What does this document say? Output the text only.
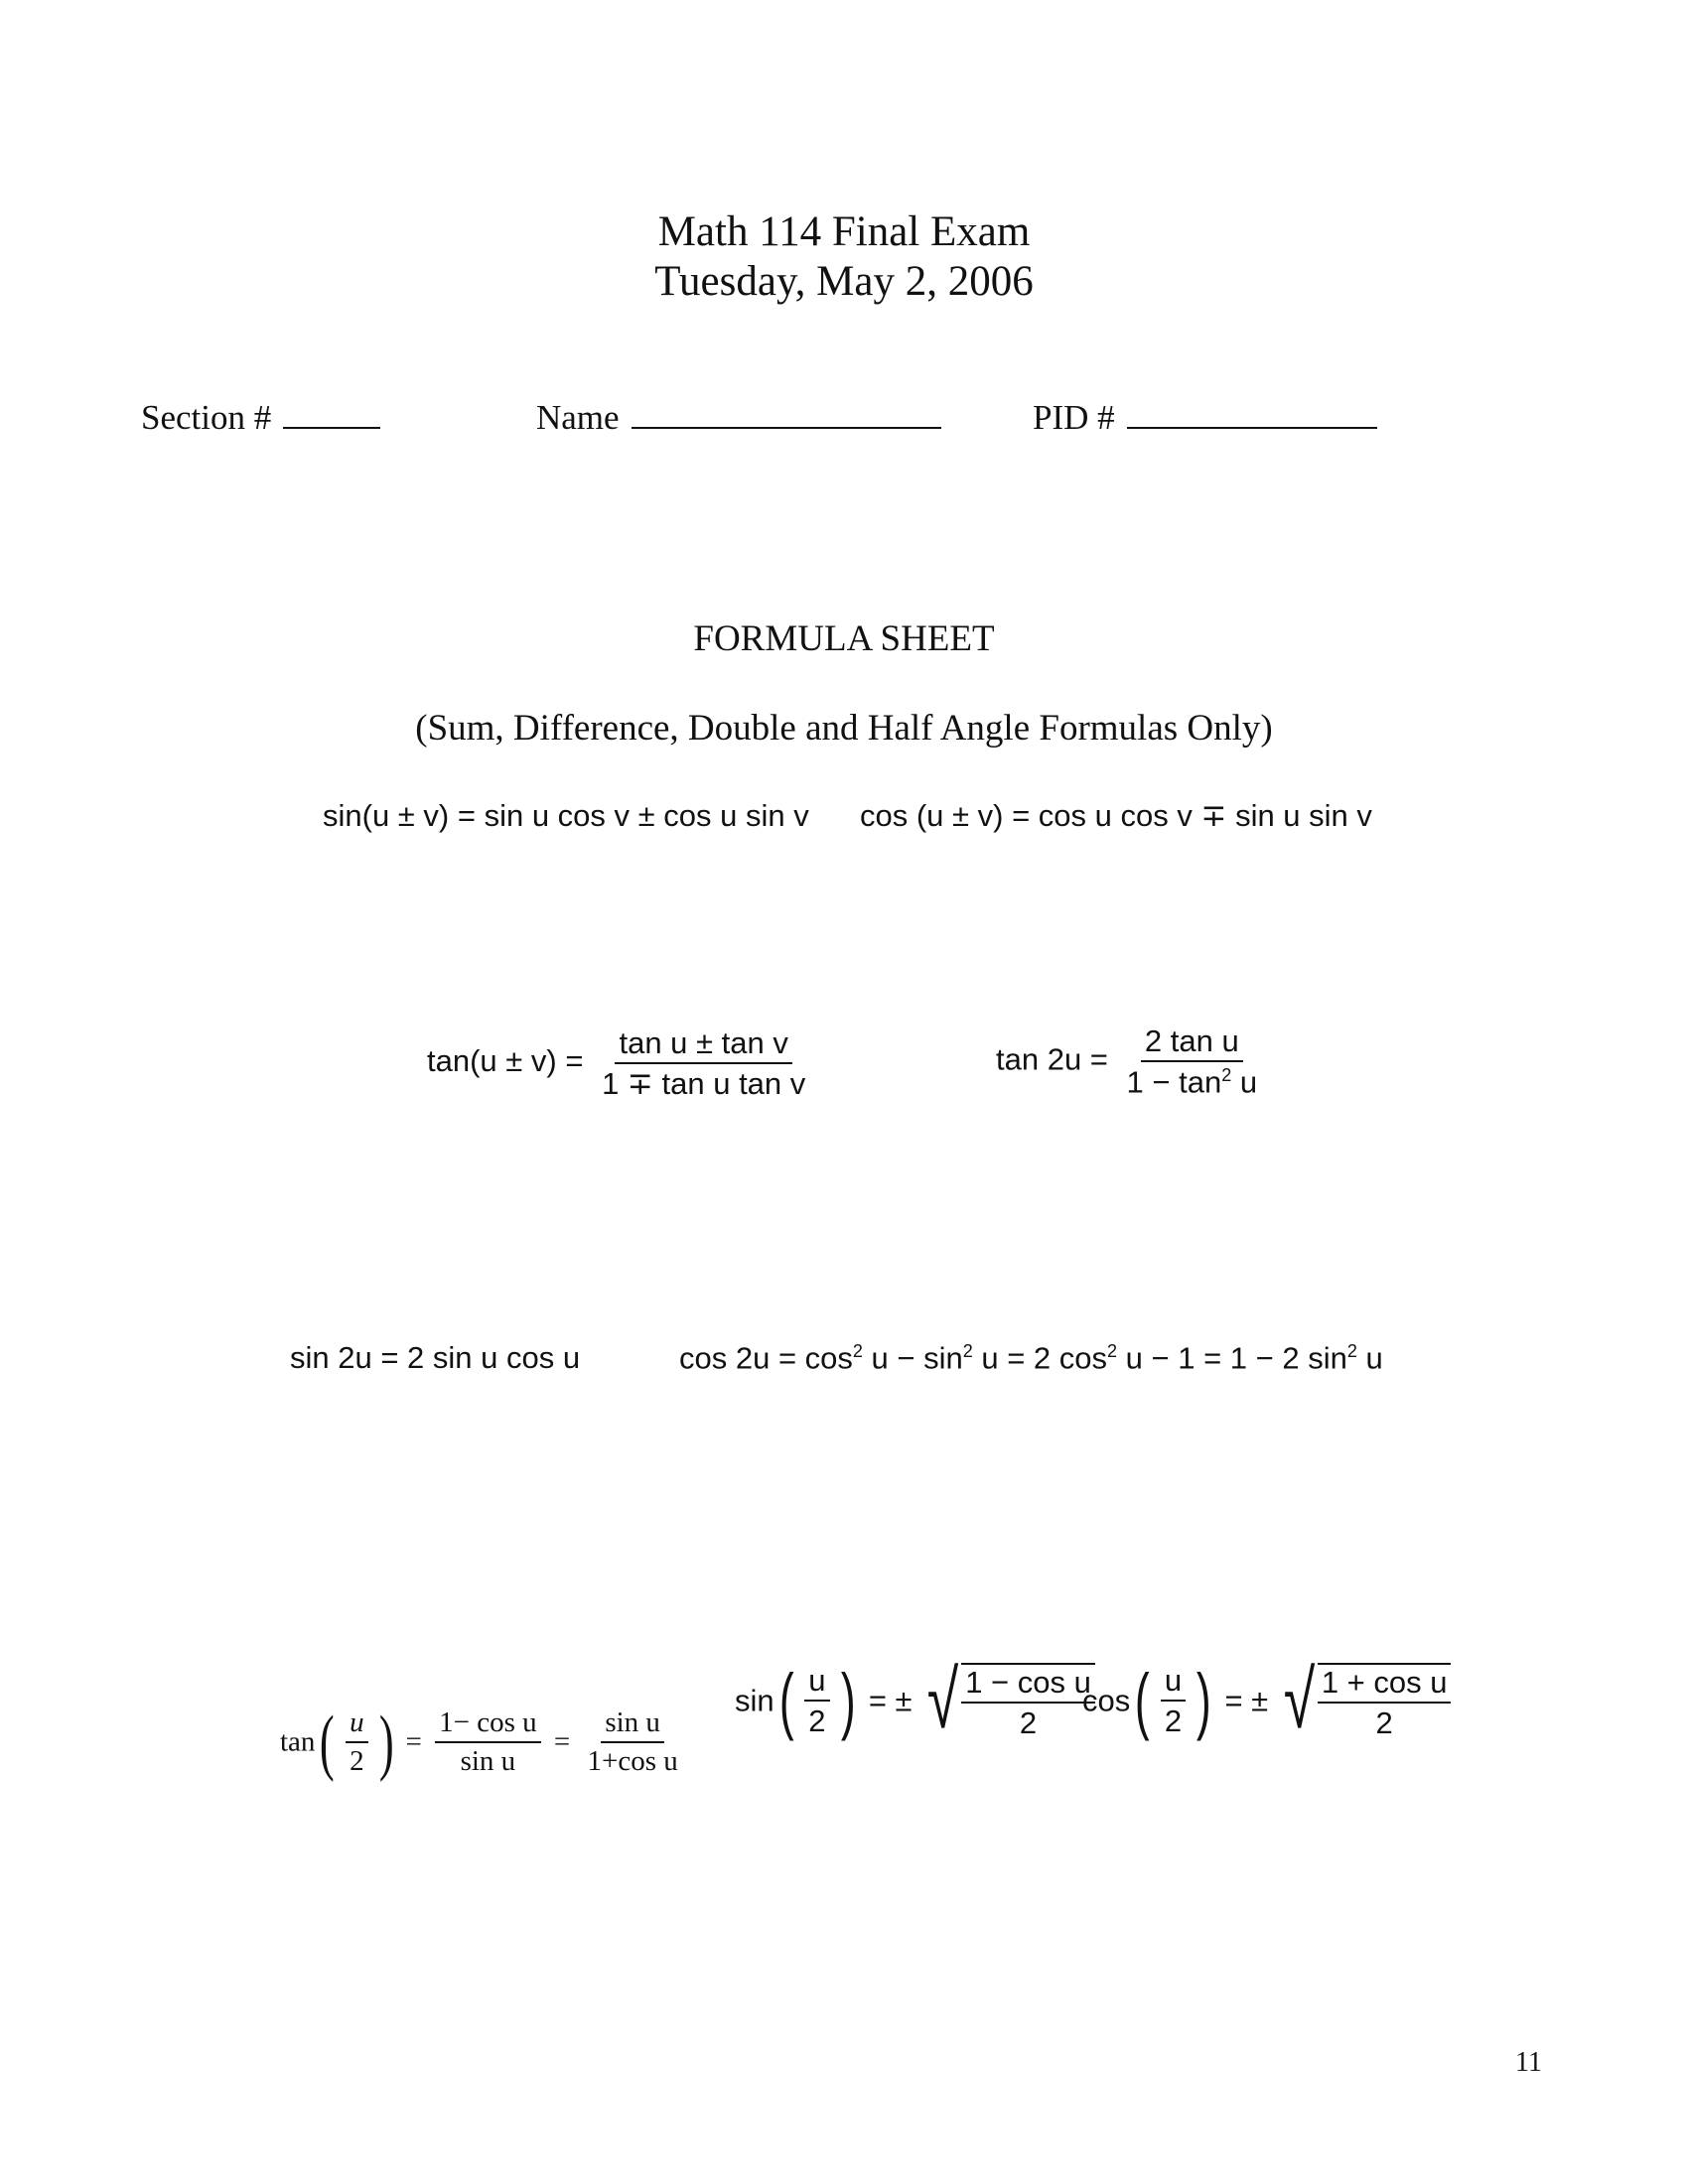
Math 114 Final Exam
Tuesday, May 2, 2006
Section #	Name	PID #
FORMULA SHEET
(Sum, Difference, Double and Half Angle Formulas Only)
sin(u ± v) = sin u cos v ± cos u sin v cos (u ± v) = cos u cos v ∓ sin u sin v
$\tan(u \pm v) = \frac{\text{tan u ± tan v}}{\text{1 ∓ tan u tan v}}$	$\tan 2u = \frac{\text{2 tan u}}{1 - \tan^2 u}$
sin 2u = 2 sin u cos u	$\cos 2u = \cos^2 u - \sin^2 u = 2$ $\cos^2 u - 1 = 1 - 2$ $\sin^2 u$
$\tan( \frac{u}{2}$ ) = $\frac{\text{1− cos u}}{\text{sin u}} = \frac{\text{sin u}}{\text{1+cos u}}$
$\sin( \frac{u}{2}$ ) = ± √ $\frac{\text{1 − cos u}}{2}$
$\cos( \frac{u}{2}$ ) = ± √ $\frac{\text{1 + cos u}}{2}$
11
